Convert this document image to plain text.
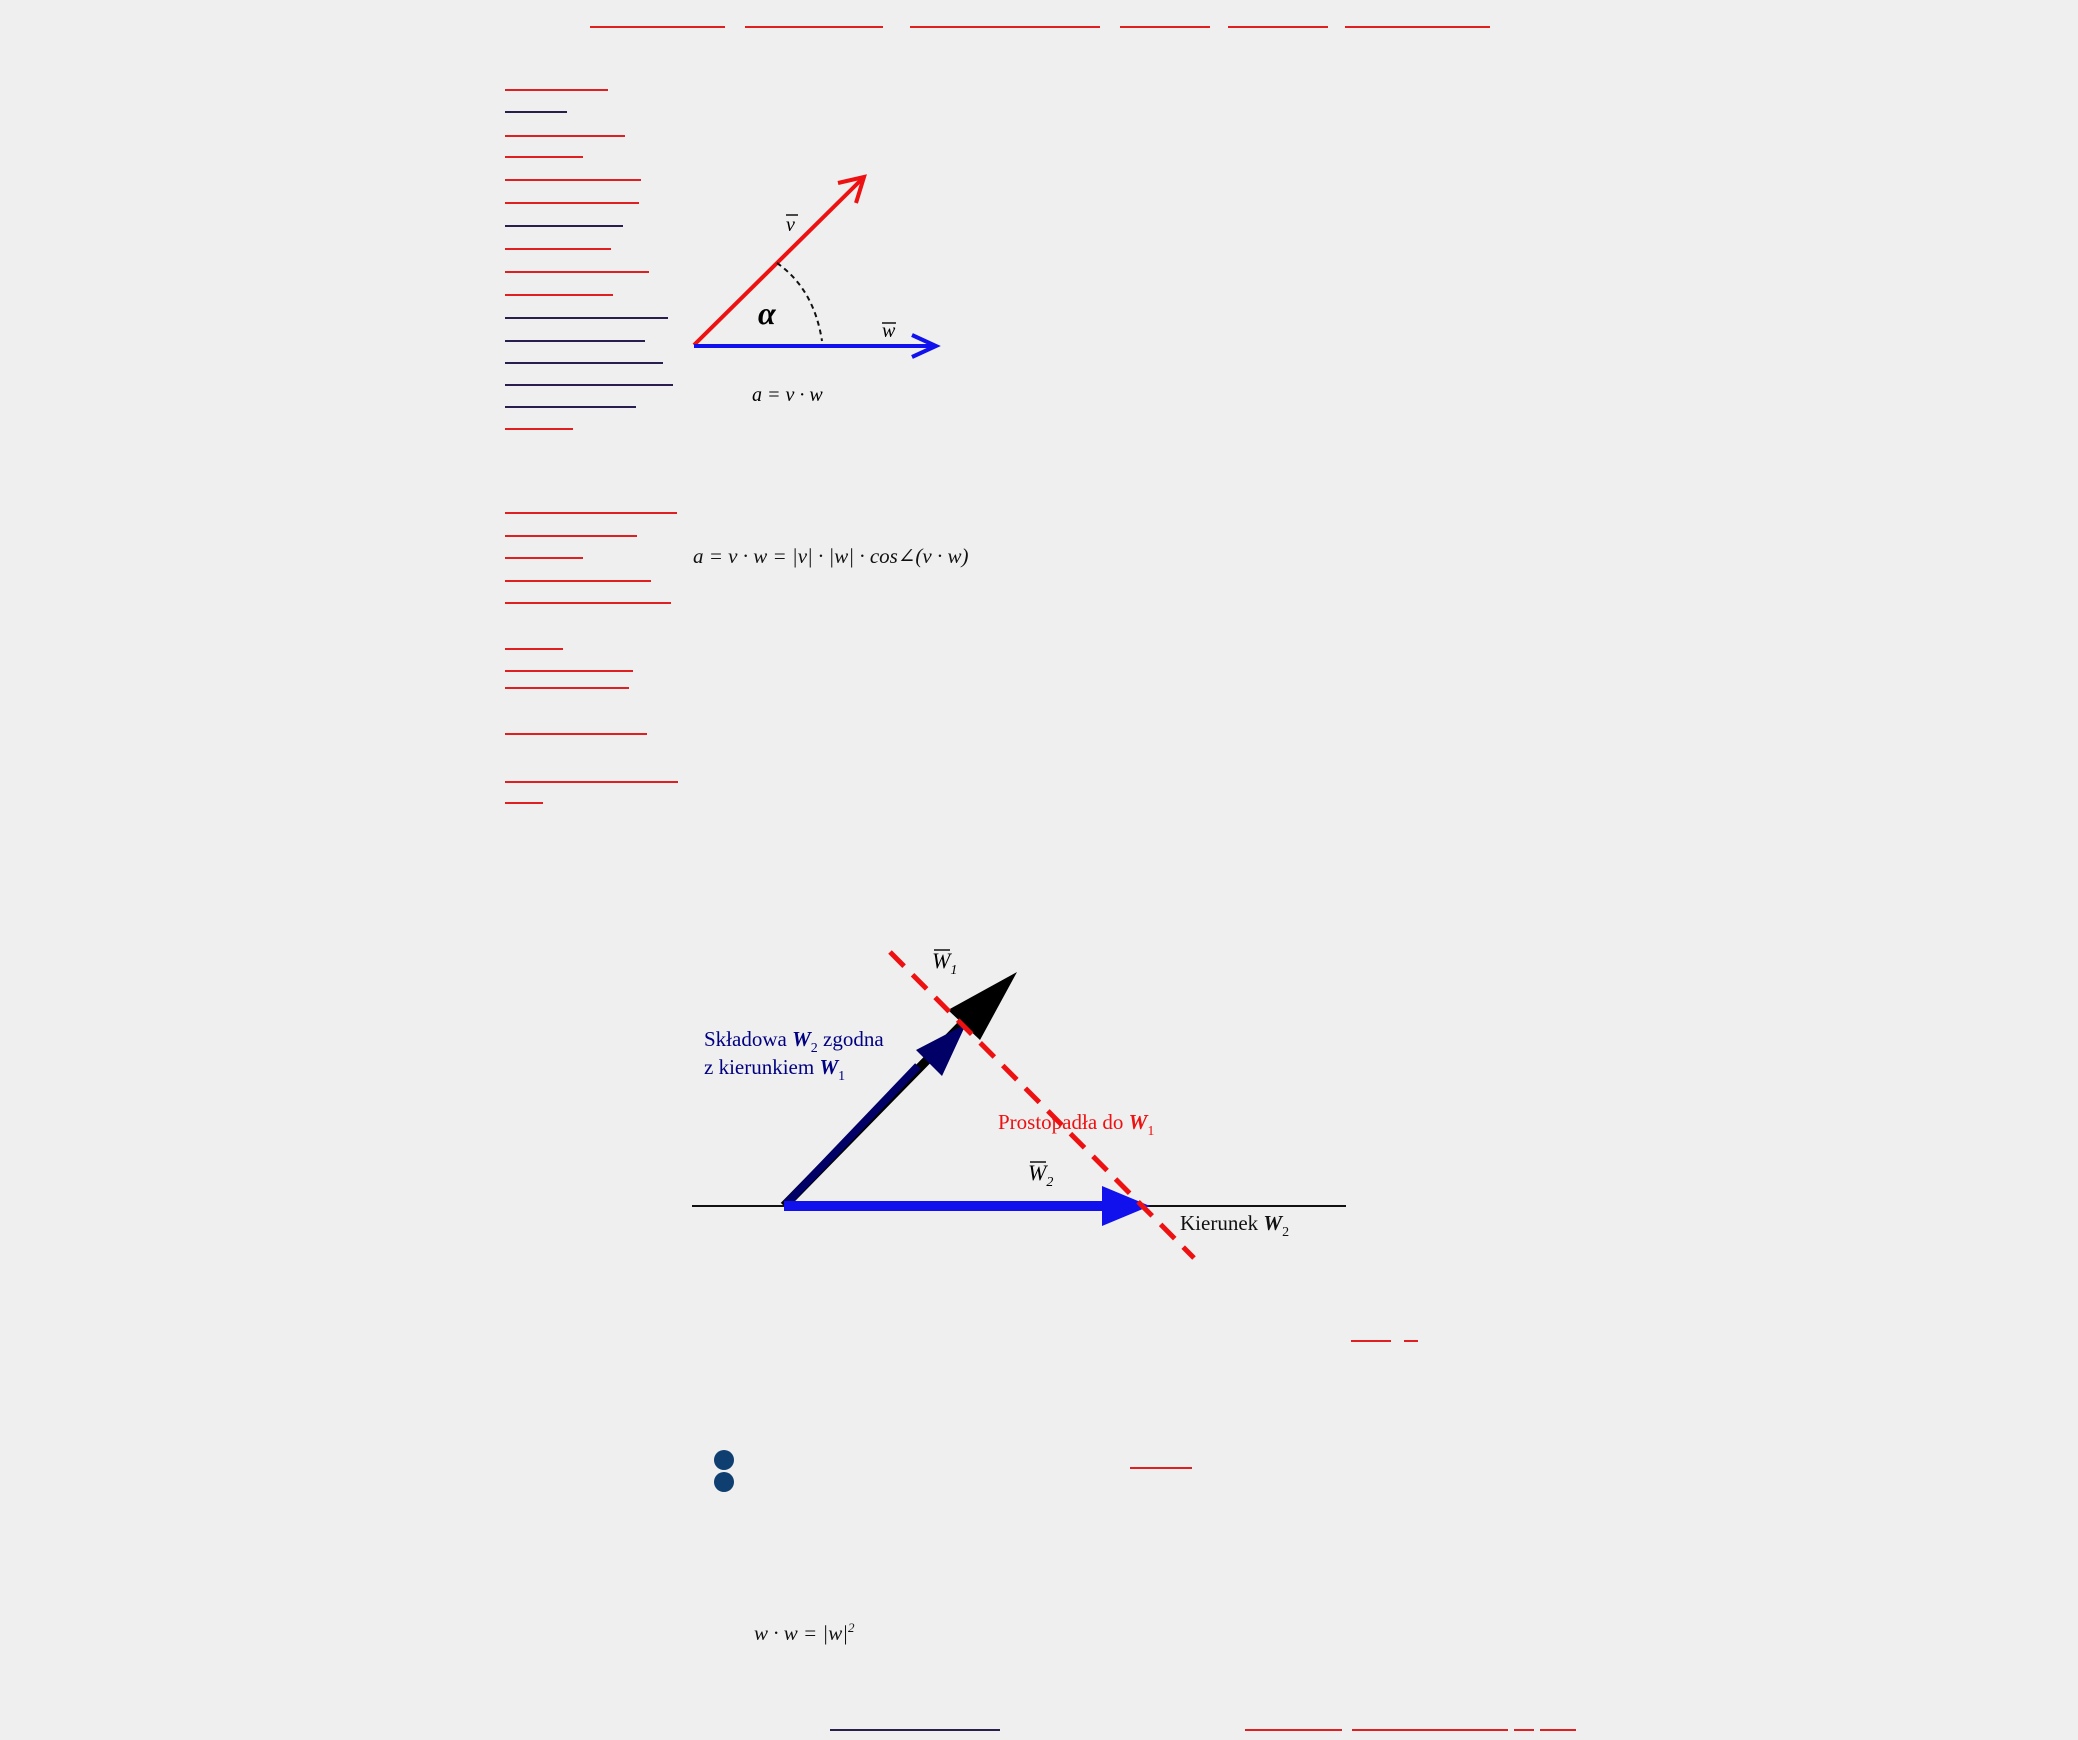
v
w
α
a = v · w
a = v · w = |v| · |w| · cos∠(v · w)
$W_1$
$W_2$
Składowa $W_2$ zgodna
z kierunkiem $W_1$
Prostopadła do $W_1$
Kierunek $W_2$
$w \cdot w = |w|^2$
